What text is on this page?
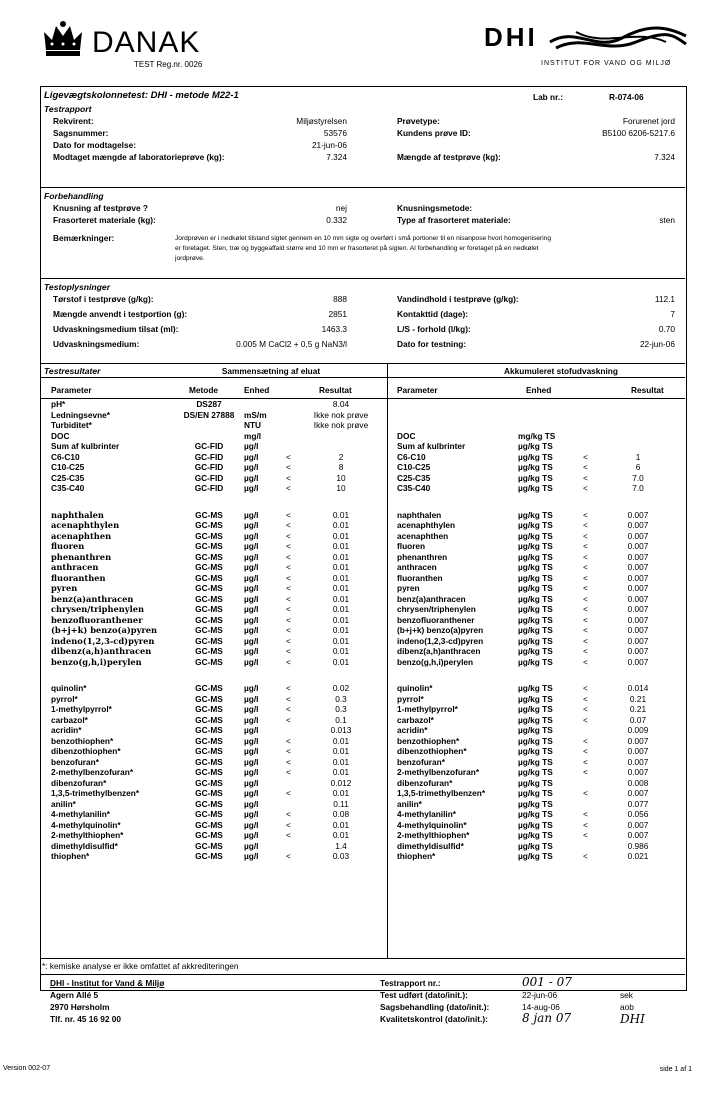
DANAK
TEST Reg.nr. 0026
DHI
INSTITUT FOR VAND OG MILJØ
Ligevægtskolonnetest: DHI - metode M22-1	Lab nr.:	R-074-06
Testrapport
Rekvirent:	Miljøstyrelsen	Prøvetype:	Forurenet jord
Sagsnummer:	53576	Kundens prøve ID:	B5100 6206-5217.6
Dato for modtagelse:	21-jun-06
Modtaget mængde af laboratorieprøve (kg):	7.324	Mængde af testprøve (kg):	7.324
Forbehandling
Knusning af testprøve ?	nej	Knusningsmetode:
Frasorteret materiale (kg):	0.332	Type af frasorteret materiale:	sten
Bemærkninger:	Jordprøven er i nedkølet tilstand sigtet gennem en 10 mm sigte og overført i små portioner til en nisanpose hvori homogenisering
er foretaget. Sten, træ og byggeaffald større end 10 mm er frasorteret på sigten. Al forbehandling er foretaget på en nedkølet
jordprøve.
Testoplysninger
Tørstof i testprøve (g/kg):	888	Vandindhold i testprøve (g/kg):	112.1
Mængde anvendt i testportion (g):	2851	Kontakttid (dage):	7
Udvaskningsmedium tilsat (ml):	1463.3	L/S - forhold (l/kg):	0.70
Udvaskningsmedium:	0.005 M CaCl2 + 0,5 g NaN3/l	Dato for testning:	22-jun-06
Testresultater	Sammensætning af eluat	Akkumuleret stofudvaskning
Parameter	Metode	Enhed	Resultat	Parameter	Enhed	Resultat
pH*	DS287	8.04
Ledningsevne*	DS/EN 27888	mS/m	Ikke nok prøve
Turbiditet*	NTU	Ikke nok prøve
DOC	mg/l
Sum af kulbrinter	GC-FID	µg/l
C6-C10	GC-FID	µg/l	<	2
C10-C25	GC-FID	µg/l	<	8
C25-C35	GC-FID	µg/l	<	10
C35-C40	GC-FID	µg/l	<	10
naphthalen	GC-MS	µg/l	<	0.01
acenaphthylen	GC-MS	µg/l	<	0.01
acenaphthen	GC-MS	µg/l	<	0.01
fluoren	GC-MS	µg/l	<	0.01
phenanthren	GC-MS	µg/l	<	0.01
anthracen	GC-MS	µg/l	<	0.01
fluoranthen	GC-MS	µg/l	<	0.01
pyren	GC-MS	µg/l	<	0.01
benz(a)anthracen	GC-MS	µg/l	<	0.01
chrysen/triphenylen	GC-MS	µg/l	<	0.01
benzofluoranthener	GC-MS	µg/l	<	0.01
(b+j+k) benzo(a)pyren	GC-MS	µg/l	<	0.01
indeno(1,2,3-cd)pyren	GC-MS	µg/l	<	0.01
dibenz(a,h)anthracen	GC-MS	µg/l	<	0.01
benzo(g,h,i)perylen	GC-MS	µg/l	<	0.01
quinolin*	GC-MS	µg/l	<	0.02
pyrrol*	GC-MS	µg/l	<	0.3
1-methylpyrrol*	GC-MS	µg/l	<	0.3
carbazol*	GC-MS	µg/l	<	0.1
acridin*	GC-MS	µg/l	0.013
benzothiophen*	GC-MS	µg/l	<	0.01
dibenzothiophen*	GC-MS	µg/l	<	0.01
benzofuran*	GC-MS	µg/l	<	0.01
2-methylbenzofuran*	GC-MS	µg/l	<	0.01
dibenzofuran*	GC-MS	µg/l	0.012
1,3,5-trimethylbenzen*	GC-MS	µg/l	<	0.01
anilin*	GC-MS	µg/l	0.11
4-methylanilin*	GC-MS	µg/l	<	0.08
4-methylquinolin*	GC-MS	µg/l	<	0.01
2-methylthiophen*	GC-MS	µg/l	<	0.01
dimethyldisulfid*	GC-MS	µg/l	1.4
thiophen*	GC-MS	µg/l	<	0.03
DOC	mg/kg TS
Sum af kulbrinter	µg/kg TS
C6-C10	µg/kg TS	<	1
C10-C25	µg/kg TS	<	6
C25-C35	µg/kg TS	<	7.0
C35-C40	µg/kg TS	<	7.0
naphthalen	µg/kg TS	<	0.007
acenaphthylen	µg/kg TS	<	0.007
acenaphthen	µg/kg TS	<	0.007
fluoren	µg/kg TS	<	0.007
phenanthren	µg/kg TS	<	0.007
anthracen	µg/kg TS	<	0.007
fluoranthen	µg/kg TS	<	0.007
pyren	µg/kg TS	<	0.007
benz(a)anthracen	µg/kg TS	<	0.007
chrysen/triphenylen	µg/kg TS	<	0.007
benzofluoranthener	µg/kg TS	<	0.007
(b+j+k) benzo(a)pyren	µg/kg TS	<	0.007
indeno(1,2,3-cd)pyren	µg/kg TS	<	0.007
dibenz(a,h)anthracen	µg/kg TS	<	0.007
benzo(g,h,i)perylen	µg/kg TS	<	0.007
quinolin*	µg/kg TS	<	0.014
pyrrol*	µg/kg TS	<	0.21
1-methylpyrrol*	µg/kg TS	<	0.21
carbazol*	µg/kg TS	<	0.07
acridin*	µg/kg TS	0.009
benzothiophen*	µg/kg TS	<	0.007
dibenzothiophen*	µg/kg TS	<	0.007
benzofuran*	µg/kg TS	<	0.007
2-methylbenzofuran*	µg/kg TS	<	0.007
dibenzofuran*	µg/kg TS	0.008
1,3,5-trimethylbenzen*	µg/kg TS	<	0.007
anilin*	µg/kg TS	0.077
4-methylanilin*	µg/kg TS	<	0.056
4-methylquinolin*	µg/kg TS	<	0.007
2-methylthiophen*	µg/kg TS	<	0.007
dimethyldisulfid*	µg/kg TS	0.986
thiophen*	µg/kg TS	<	0.021
*: kemiske analyse er ikke omfattet af akkrediteringen
DHI - Institut for Vand & Miljø
Agern Allé 5
2970 Hørsholm
Tlf. nr. 45 16 92 00
Testrapport nr.:	001 - 07
Test udført (dato/init.):	22-jun-06	sek
Sagsbehandling (dato/init.):	14-aug-06	aob
Kvalitetskontrol (dato/init.):	8 jan 07	DHI
Version 002-07	side 1 af 1
